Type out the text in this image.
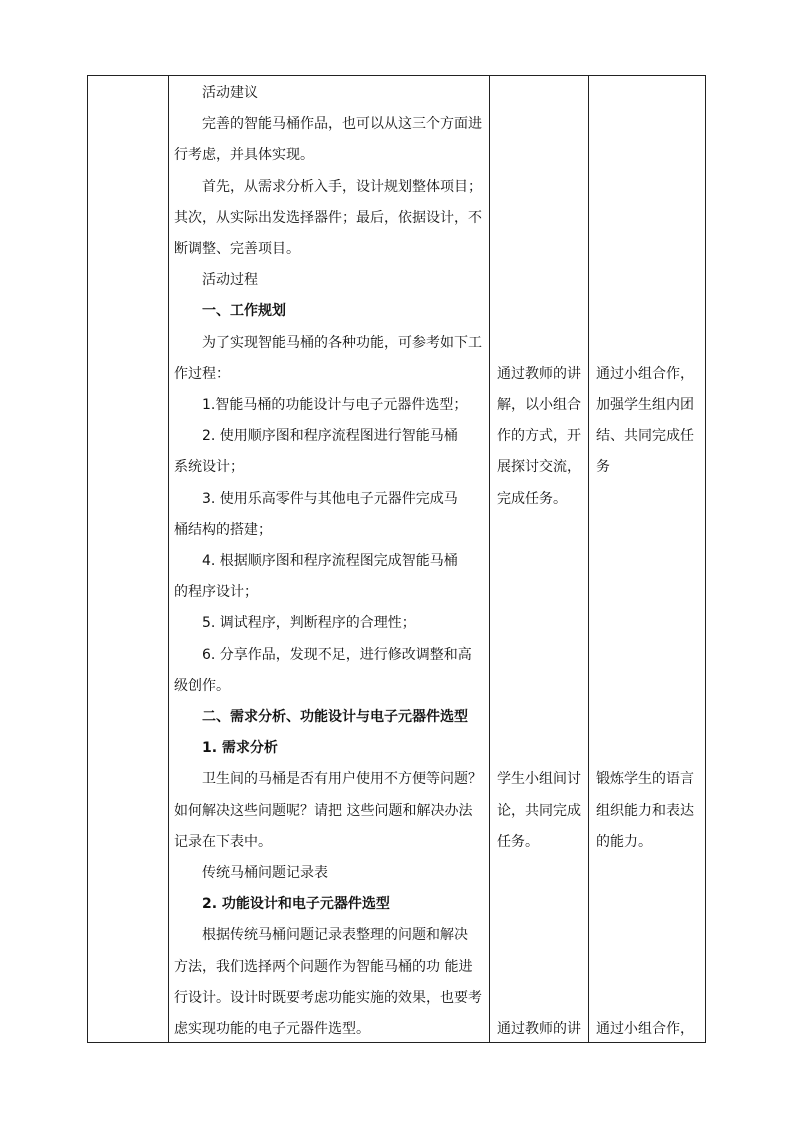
活动建议

完善的智能马桶作品，也可以从这三个方面进

行考虑，并具体实现。

首先，从需求分析入手，设计规划整体项目；

其次，从实际出发选择器件；最后，依据设计，不

断调整、完善项目。

活动过程

一、工作规划

为了实现智能马桶的各种功能，可参考如下工

作过程：

1.智能马桶的功能设计与电子元器件选型；

2. 使用顺序图和程序流程图进行智能马桶

系统设计；

3. 使用乐高零件与其他电子元器件完成马

桶结构的搭建；

4. 根据顺序图和程序流程图完成智能马桶

的程序设计；

5. 调试程序，判断程序的合理性；

6. 分享作品，发现不足，进行修改调整和高

级创作。

二、需求分析、功能设计与电子元器件选型

1. 需求分析

卫生间的马桶是否有用户使用不方便等问题？

如何解决这些问题呢？请把 这些问题和解决办法

记录在下表中。

传统马桶问题记录表

2. 功能设计和电子元器件选型

根据传统马桶问题记录表整理的问题和解决

方法，我们选择两个问题作为智能马桶的功 能进

行设计。设计时既要考虑功能实施的效果，也要考

虑实现功能的电子元器件选型。

通过教师的讲

解，以小组合

作的方式，开

展探讨交流，

完成任务。

学生小组间讨

论，共同完成

任务。

通过教师的讲

通过小组合作，

加强学生组内团

结、共同完成任

务

锻炼学生的语言

组织能力和表达

的能力。

通过小组合作，
